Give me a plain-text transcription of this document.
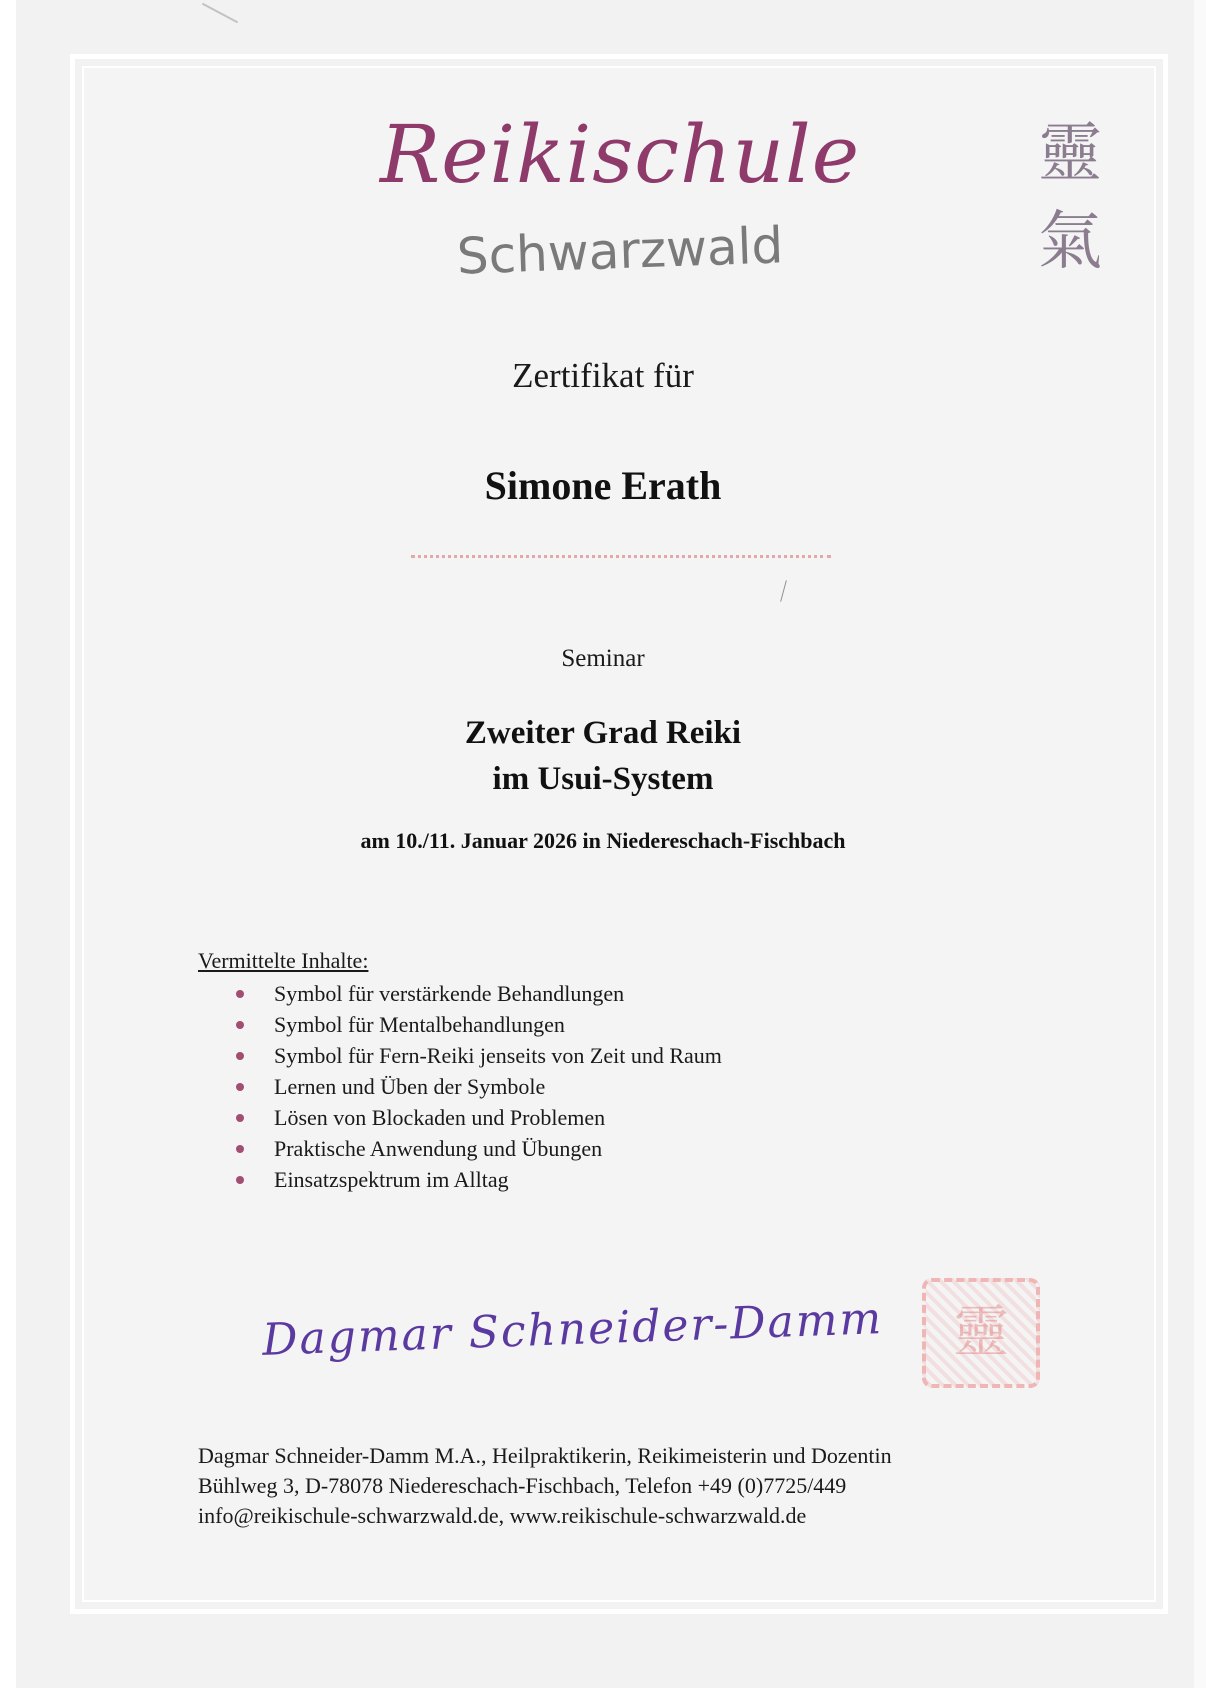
Reikischule
Schwarzwald
靈
氣
Zertifikat für
Simone Erath
Seminar
Zweiter Grad Reiki
im Usui-System
am 10./11. Januar 2026 in Niedereschach-Fischbach
Vermittelte Inhalte:
Symbol für verstärkende Behandlungen
Symbol für Mentalbehandlungen
Symbol für Fern-Reiki jenseits von Zeit und Raum
Lernen und Üben der Symbole
Lösen von Blockaden und Problemen
Praktische Anwendung und Übungen
Einsatzspektrum im Alltag
Dagmar Schneider-Damm	靈
Dagmar Schneider-Damm M.A., Heilpraktikerin, Reikimeisterin und Dozentin
Bühlweg 3, D-78078 Niedereschach-Fischbach, Telefon +49 (0)7725/449
info@reikischule-schwarzwald.de, www.reikischule-schwarzwald.de
